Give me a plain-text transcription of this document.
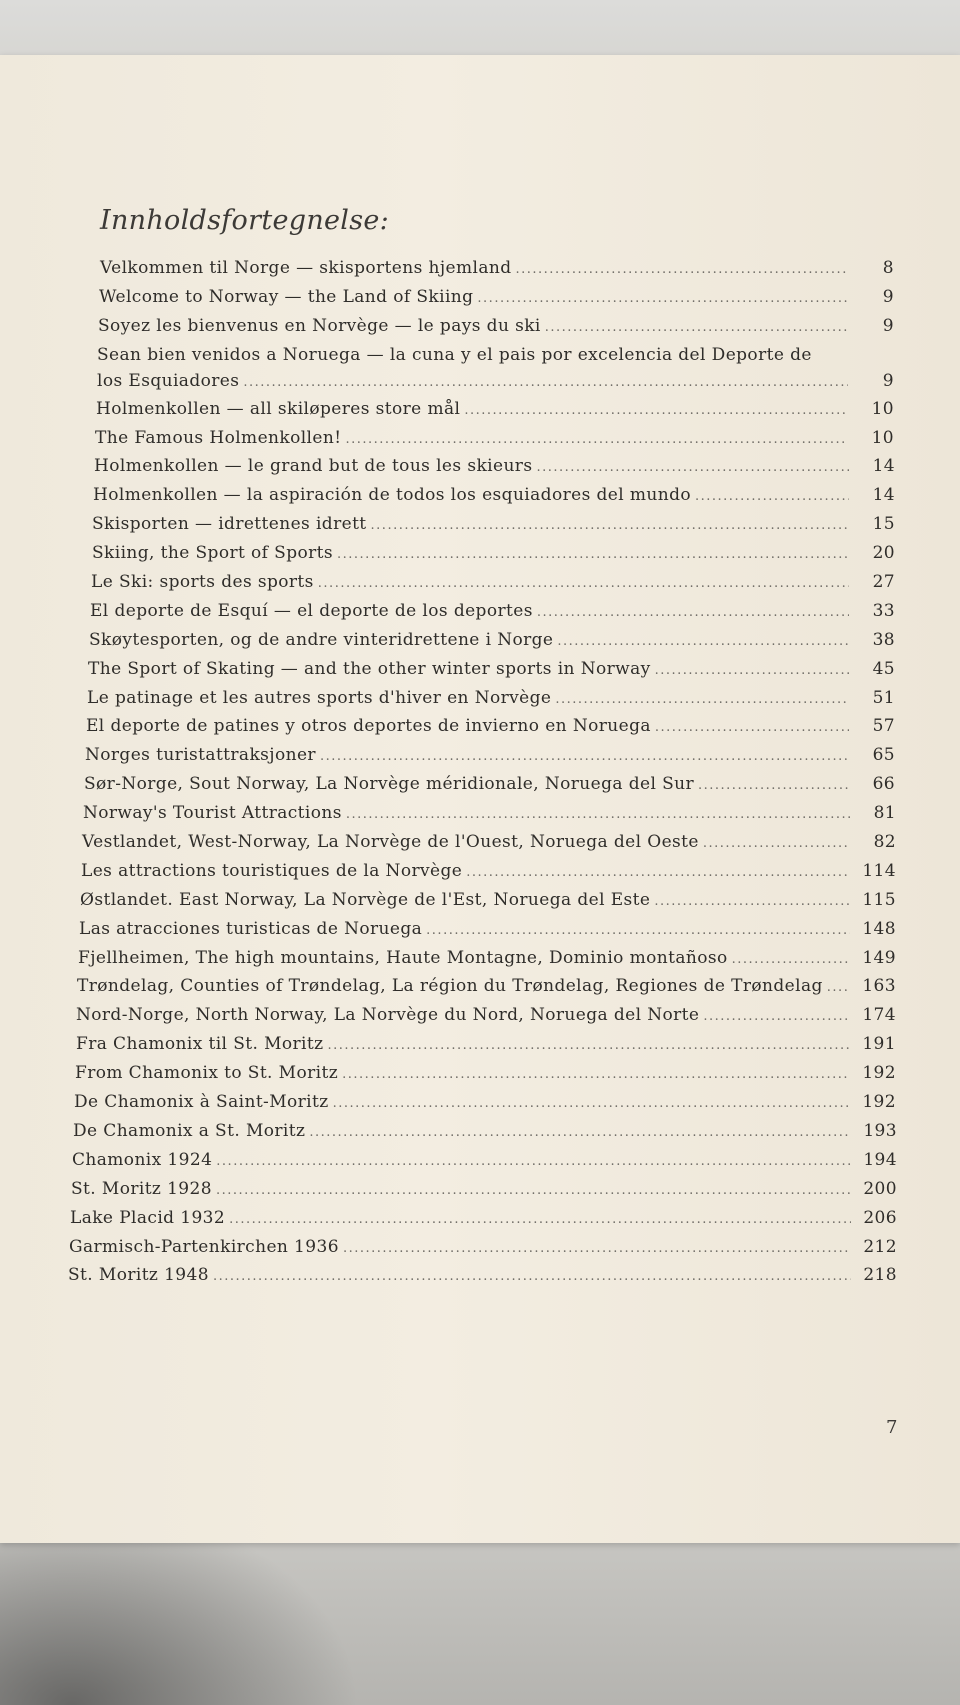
Innholdsfortegnelse:
Velkommen til Norge — skisportens hjemland .....	8
Welcome to Norway — the Land of Skiing .....	9
Soyez les bienvenus en Norvège — le pays du ski .....	9
Sean bien venidos a Noruega — la cuna y el pais por excelencia del Deporte de
los Esquiadores .....	9
Holmenkollen — all skiløperes store mål .....	10
The Famous Holmenkollen! .....	10
Holmenkollen — le grand but de tous les skieurs .....	14
Holmenkollen — la aspiración de todos los esquiadores del mundo .....	14
Skisporten — idrettenes idrett .....	15
Skiing, the Sport of Sports .....	20
Le Ski: sports des sports .....	27
El deporte de Esquí — el deporte de los deportes .....	33
Skøytesporten, og de andre vinteridrettene i Norge .....	38
The Sport of Skating — and the other winter sports in Norway .....	45
Le patinage et les autres sports d'hiver en Norvège .....	51
El deporte de patines y otros deportes de invierno en Noruega .....	57
Norges turistattraksjoner .....	65
Sør-Norge, Sout Norway, La Norvège méridionale, Noruega del Sur .....	66
Norway's Tourist Attractions .....	81
Vestlandet, West-Norway, La Norvège de l'Ouest, Noruega del Oeste .....	82
Les attractions touristiques de la Norvège .....	114
Østlandet. East Norway, La Norvège de l'Est, Noruega del Este .....	115
Las atracciones turisticas de Noruega .....	148
Fjellheimen, The high mountains, Haute Montagne, Dominio montañoso .....	149
Trøndelag, Counties of Trøndelag, La région du Trøndelag, Regiones de Trøndelag .....	163
Nord-Norge, North Norway, La Norvège du Nord, Noruega del Norte .....	174
Fra Chamonix til St. Moritz .....	191
From Chamonix to St. Moritz .....	192
De Chamonix à Saint-Moritz .....	192
De Chamonix a St. Moritz .....	193
Chamonix 1924 .....	194
St. Moritz 1928 .....	200
Lake Placid 1932 .....	206
Garmisch-Partenkirchen 1936 .....	212
St. Moritz 1948 .....	218
7
